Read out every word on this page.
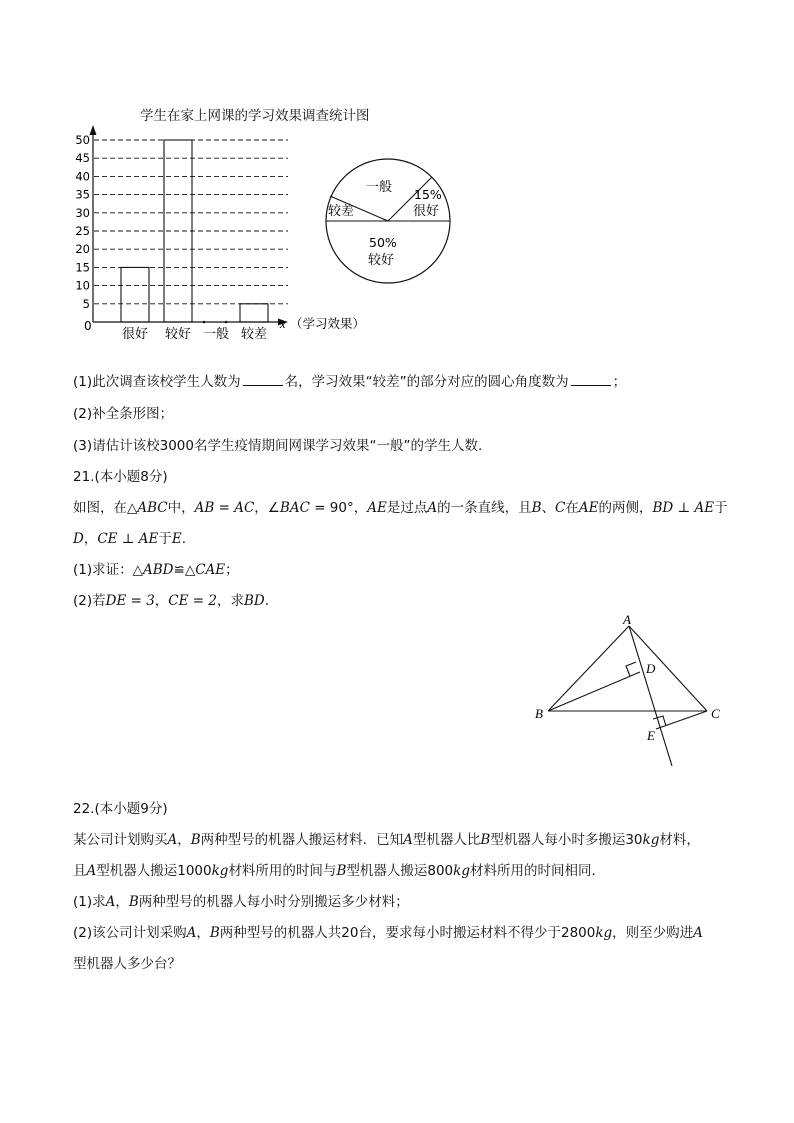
学生在家上网课的学习效果调查统计图
5
10
15
20
25
30
35
40
45
50
很好 较好 一般 较差
0	x （学习效果）
一般 15%
很好
较差
50%
较好
(1)此次调查该校学生人数为	名，学习效果“较差”的部分对应的圆心角度数为	；
(2)补全条形图；
(3)请估计该校3000名学生疫情期间网课学习效果“一般”的学生人数.
21.(本小题8分)
如图，在△ABC中，AB = AC，∠BAC = 90°，AE是过点A的一条直线，且B、C在AE的两侧，BD ⊥ AE于
D，CE ⊥ AE于E.
(1)求证：△ABD≌△CAE；
(2)若DE = 3，CE = 2，求BD.
A
B	C
D
E
22.(本小题9分)
某公司计划购买A，B两种型号的机器人搬运材料．已知A型机器人比B型机器人每小时多搬运30kg材料，
且A型机器人搬运1000kg材料所用的时间与B型机器人搬运800kg材料所用的时间相同.
(1)求A，B两种型号的机器人每小时分别搬运多少材料；
(2)该公司计划采购A，B两种型号的机器人共20台，要求每小时搬运材料不得少于2800kg，则至少购进A
型机器人多少台？
